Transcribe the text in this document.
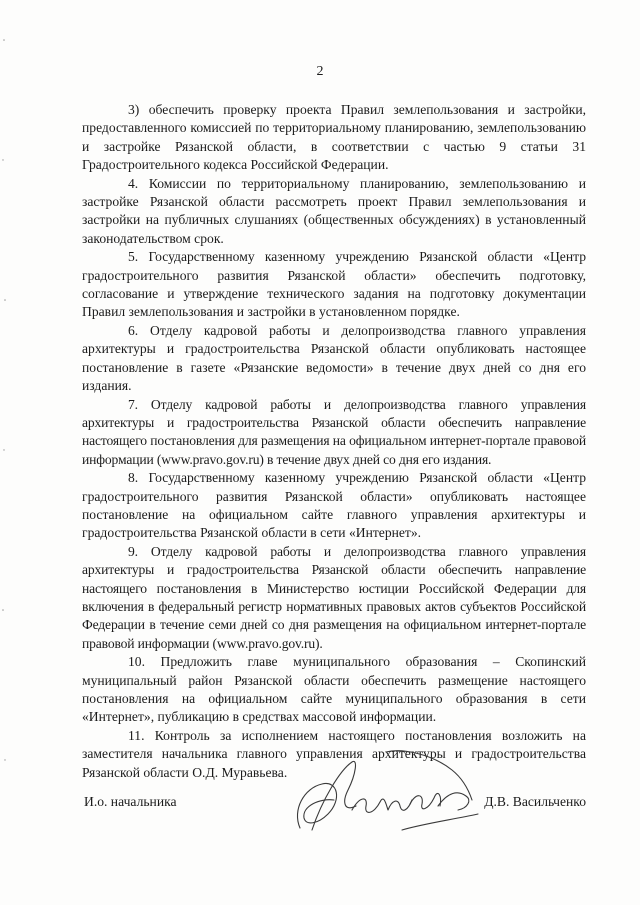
2

3) обеспечить проверку проекта Правил землепользования и застройки, предоставленного комиссией по территориальному планированию, землепользованию и застройке Рязанской области, в соответствии с частью 9 статьи 31 Градостроительного кодекса Российской Федерации.

4. Комиссии по территориальному планированию, землепользованию и застройке Рязанской области рассмотреть проект Правил землепользования и застройки на публичных слушаниях (общественных обсуждениях) в установленный законодательством срок.

5. Государственному казенному учреждению Рязанской области «Центр градостроительного развития Рязанской области» обеспечить подготовку, согласование и утверждение технического задания на подготовку документации Правил землепользования и застройки в установленном порядке.

6. Отделу кадровой работы и делопроизводства главного управления архитектуры и градостроительства Рязанской области опубликовать настоящее постановление в газете «Рязанские ведомости» в течение двух дней со дня его издания.

7. Отделу кадровой работы и делопроизводства главного управления архитектуры и градостроительства Рязанской области обеспечить направление настоящего постановления для размещения на официальном интернет-портале правовой информации (www.pravo.gov.ru) в течение двух дней со дня его издания.

8. Государственному казенному учреждению Рязанской области «Центр градостроительного развития Рязанской области» опубликовать настоящее постановление на официальном сайте главного управления архитектуры и градостроительства Рязанской области в сети «Интернет».

9. Отделу кадровой работы и делопроизводства главного управления архитектуры и градостроительства Рязанской области обеспечить направление настоящего постановления в Министерство юстиции Российской Федерации для включения в федеральный регистр нормативных правовых актов субъектов Российской Федерации в течение семи дней со дня размещения на официальном интернет-портале правовой информации (www.pravo.gov.ru).

10. Предложить главе муниципального образования – Скопинский муниципальный район Рязанской области обеспечить размещение настоящего постановления на официальном сайте муниципального образования в сети «Интернет», публикацию в средствах массовой информации.

11. Контроль за исполнением настоящего постановления возложить на заместителя начальника главного управления архитектуры и градостроительства Рязанской области О.Д. Муравьева.

И.о. начальника	Д.В. Васильченко
